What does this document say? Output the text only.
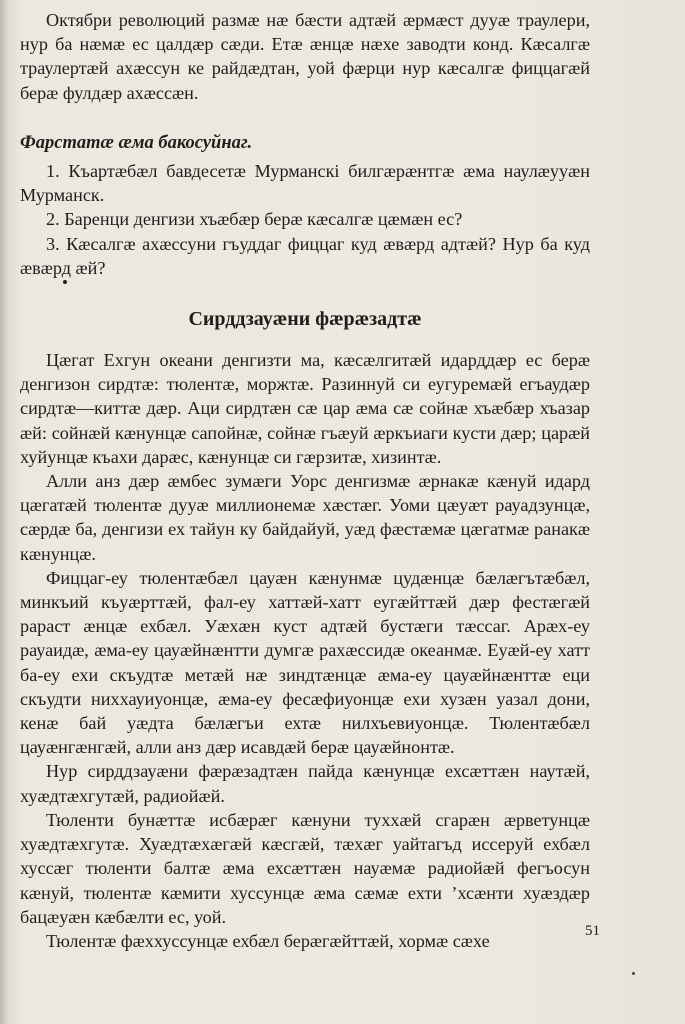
Октябри революций размæ нæ бæсти адтæй æрмæст дууæ траулери, нур ба нæмæ ес цалдæр сæди. Етæ æнцæ нæхе заводти конд. Кæсалгæ траулертæй ахæссун ке райдæдтан, уой фæрци нур кæсалгæ фиццагæй берæ фулдæр ахæссæн.

Фарстатæ æма бакосуйнаг.

1. Къартæбæл бавдесетæ Мурманскi билгæрæнтгæ æма наулæууæн Мурманск.

2. Баренци денгизи хъæбæр берæ кæсалгæ цæмæн ес?

3. Кæсалгæ ахæссуни гъуддаг фиццаг куд æвæрд адтæй? Нур ба куд æвæрд æй?

Сирддзауæни фæрæзадтæ

Цæгат Ехгун океани денгизти ма, кæсæлгитæй идарддæр ес берæ денгизон сирдтæ: тюлентæ, моржтæ. Разиннуй си еугуремæй егъаудæр сирдтæ—киттæ дæр. Аци сирдтæн сæ цар æма сæ сойнæ хъæбæр хъазар æй: сойнæй кæнунцæ сапойнæ, сойнæ гъæуй æркъиаги кусти дæр; царæй хуйунцæ къахи дарæс, кæнунцæ си гæрзитæ, хизинтæ.

Алли анз дæр æмбес зумæги Уорс денгизмæ æрнакæ кæнуй идард цæгатæй тюлентæ дууæ миллионемæ хæстæг. Уоми цæуæт рауадзунцæ, сæрдæ ба, денгизи ех тайун ку байдайуй, уæд фæстæмæ цæгатмæ ранакæ кæнунцæ.

Фиццаг-еу тюлентæбæл цауæн кæнунмæ цудæнцæ бæлæгътæбæл, минкъий къуæрттæй, фал-еу хаттæй-хатт еугæйттæй дæр фестæгæй рараст æнцæ ехбæл. Уæхæн куст адтæй бустæги тæссаг. Арæх-еу рауаидæ, æма-еу цауæйнæнтти думгæ рахæссидæ океанмæ. Еуæй-еу хатт ба-еу ехи скъудтæ метæй нæ зиндтæнцæ æма-еу цауæйнæнттæ еци скъудти ниххауиуонцæ, æма-еу фесæфиуонцæ ехи хузæн уазал дони, кенæ бай уæдта бæлæгъи ехтæ нилхъевиуонцæ. Тюлентæбæл цауæнгæнгæй, алли анз дæр исавдæй берæ цауæйнонтæ.

Нур сирддзауæни фæрæзадтæн пайда кæнунцæ ехсæттæн наутæй, хуæдтæхгутæй, радиойæй.

Тюленти бунæттæ исбæрæг кæнуни туххæй сгарæн æрветунцæ хуæдтæхгутæ. Хуæдтæхæгæй кæсгæй, тæхæг уайтагъд иссеруй ехбæл хуссæг тюленти балтæ æма ехсæттæн науæмæ радиойæй фегъосун кæнуй, тюлентæ кæмити хуссунцæ æма сæмæ ехти ’хсæнти хуæздæр бацæуæн кæбæлти ес, уой.

Тюлентæ фæххуссунцæ ехбæл берæгæйттæй, хормæ сæхе	51
